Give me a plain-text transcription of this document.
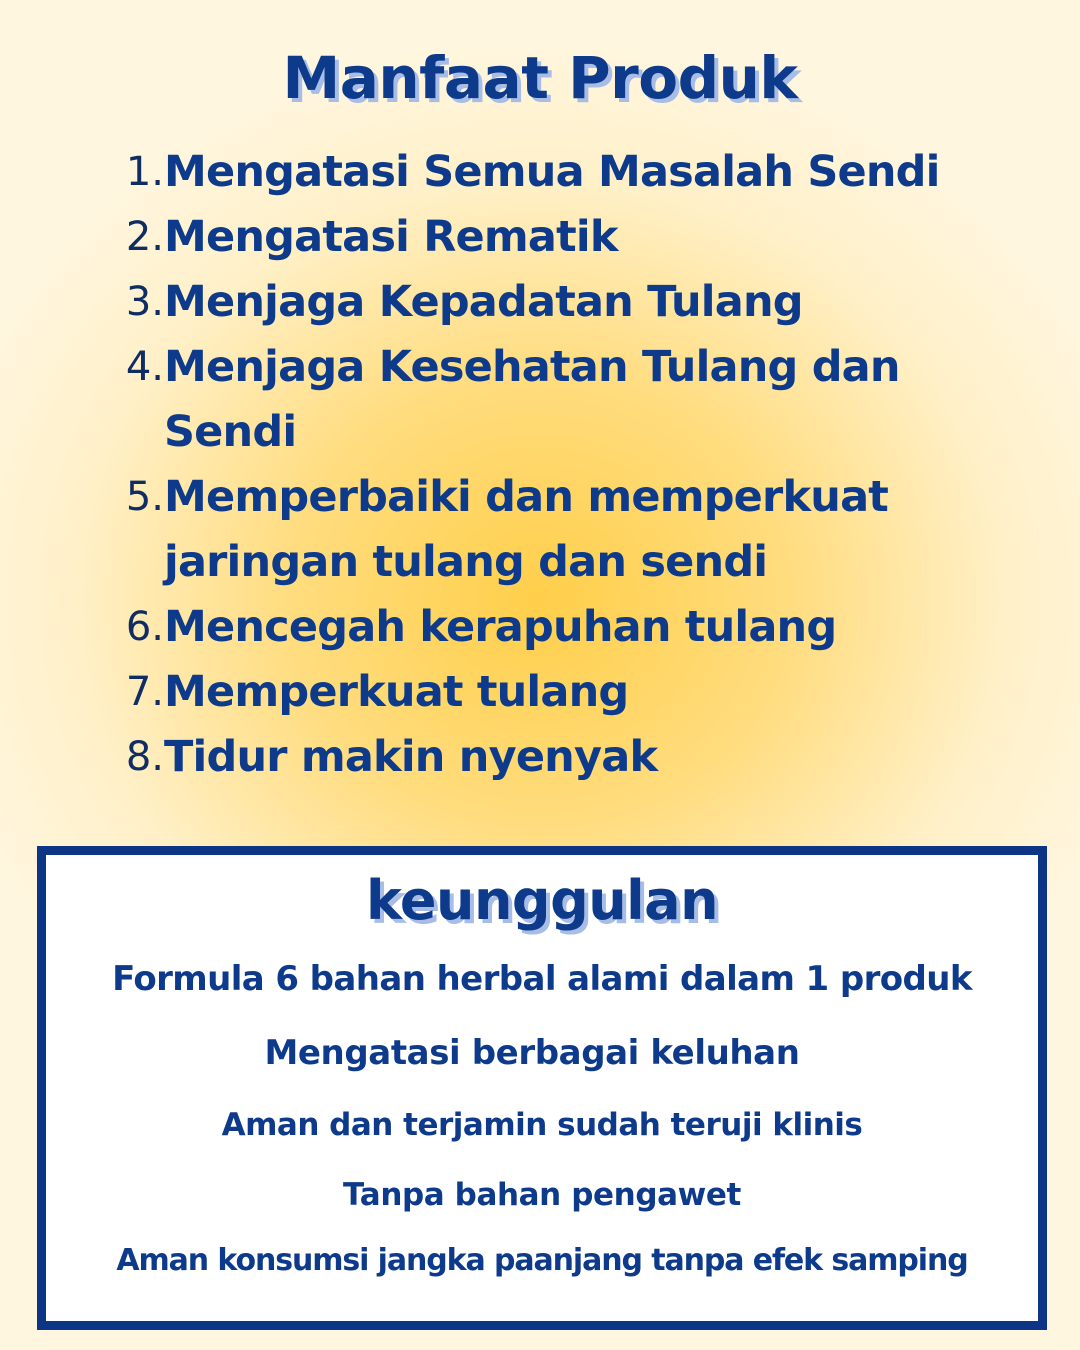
Manfaat Produk
1. Mengatasi Semua Masalah Sendi
2. Mengatasi Rematik
3. Menjaga Kepadatan Tulang
4. Menjaga Kesehatan Tulang dan Sendi
5. Memperbaiki dan memperkuat jaringan tulang dan sendi
6. Mencegah kerapuhan tulang
7. Memperkuat tulang
8. Tidur makin nyenyak
keunggulan
Formula 6 bahan herbal alami dalam 1 produk
Mengatasi berbagai keluhan
Aman dan terjamin sudah teruji klinis
Tanpa bahan pengawet
Aman konsumsi jangka paanjang tanpa efek samping
